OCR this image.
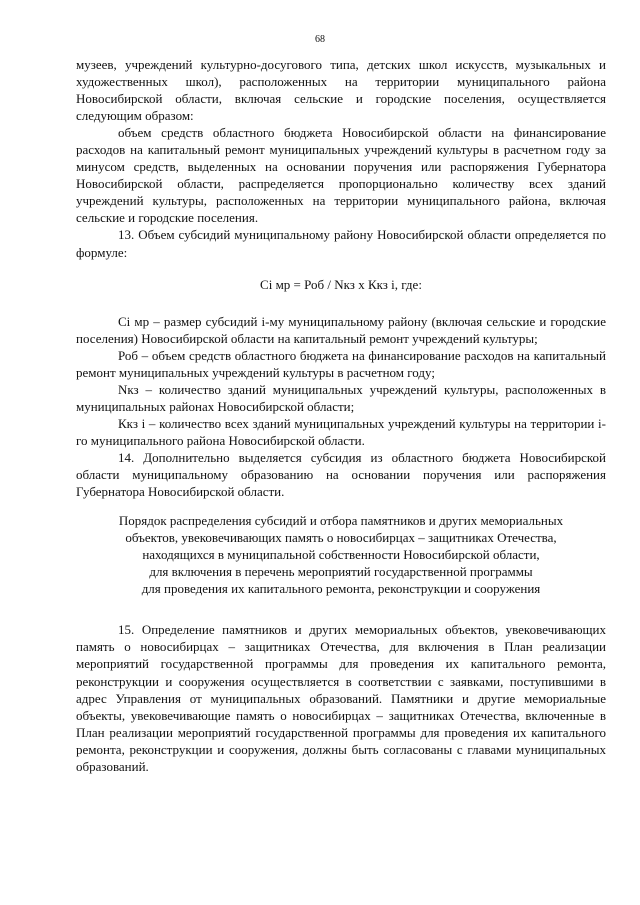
68

музеев, учреждений культурно-досугового типа, детских школ искусств, музыкальных и художественных школ), расположенных на территории муниципального района Новосибирской области, включая сельские и городские поселения, осуществляется следующим образом:

объем средств областного бюджета Новосибирской области на финансирование расходов на капитальный ремонт муниципальных учреждений культуры в расчетном году за минусом средств, выделенных на основании поручения или распоряжения Губернатора Новосибирской области, распределяется пропорционально количеству всех зданий учреждений культуры, расположенных на территории муниципального района, включая сельские и городские поселения.

13. Объем субсидий муниципальному району Новосибирской области определяется по формуле:

Сi мр = Роб / Nкз x Ккз i, где:

Сi мр – размер субсидий i-му муниципальному району (включая сельские и городские поселения) Новосибирской области на капитальный ремонт учреждений культуры;

Роб – объем средств областного бюджета на финансирование расходов на капитальный ремонт муниципальных учреждений культуры в расчетном году;

Nкз – количество зданий муниципальных учреждений культуры, расположенных в муниципальных районах Новосибирской области;

Ккз i – количество всех зданий муниципальных учреждений культуры на территории i-го муниципального района Новосибирской области.

14. Дополнительно выделяется субсидия из областного бюджета Новосибирской области муниципальному образованию на основании поручения или распоряжения Губернатора Новосибирской области.

Порядок распределения субсидий и отбора памятников и других мемориальных
объектов, увековечивающих память о новосибирцах – защитниках Отечества,
находящихся в муниципальной собственности Новосибирской области,
для включения в перечень мероприятий государственной программы
для проведения их капитального ремонта, реконструкции и сооружения

15. Определение памятников и других мемориальных объектов, увековечивающих память о новосибирцах – защитниках Отечества, для включения в План реализации мероприятий государственной программы для проведения их капитального ремонта, реконструкции и сооружения осуществляется в соответствии с заявками, поступившими в адрес Управления от муниципальных образований. Памятники и другие мемориальные объекты, увековечивающие память о новосибирцах – защитниках Отечества, включенные в План реализации мероприятий государственной программы для проведения их капитального ремонта, реконструкции и сооружения, должны быть согласованы с главами муниципальных образований.
